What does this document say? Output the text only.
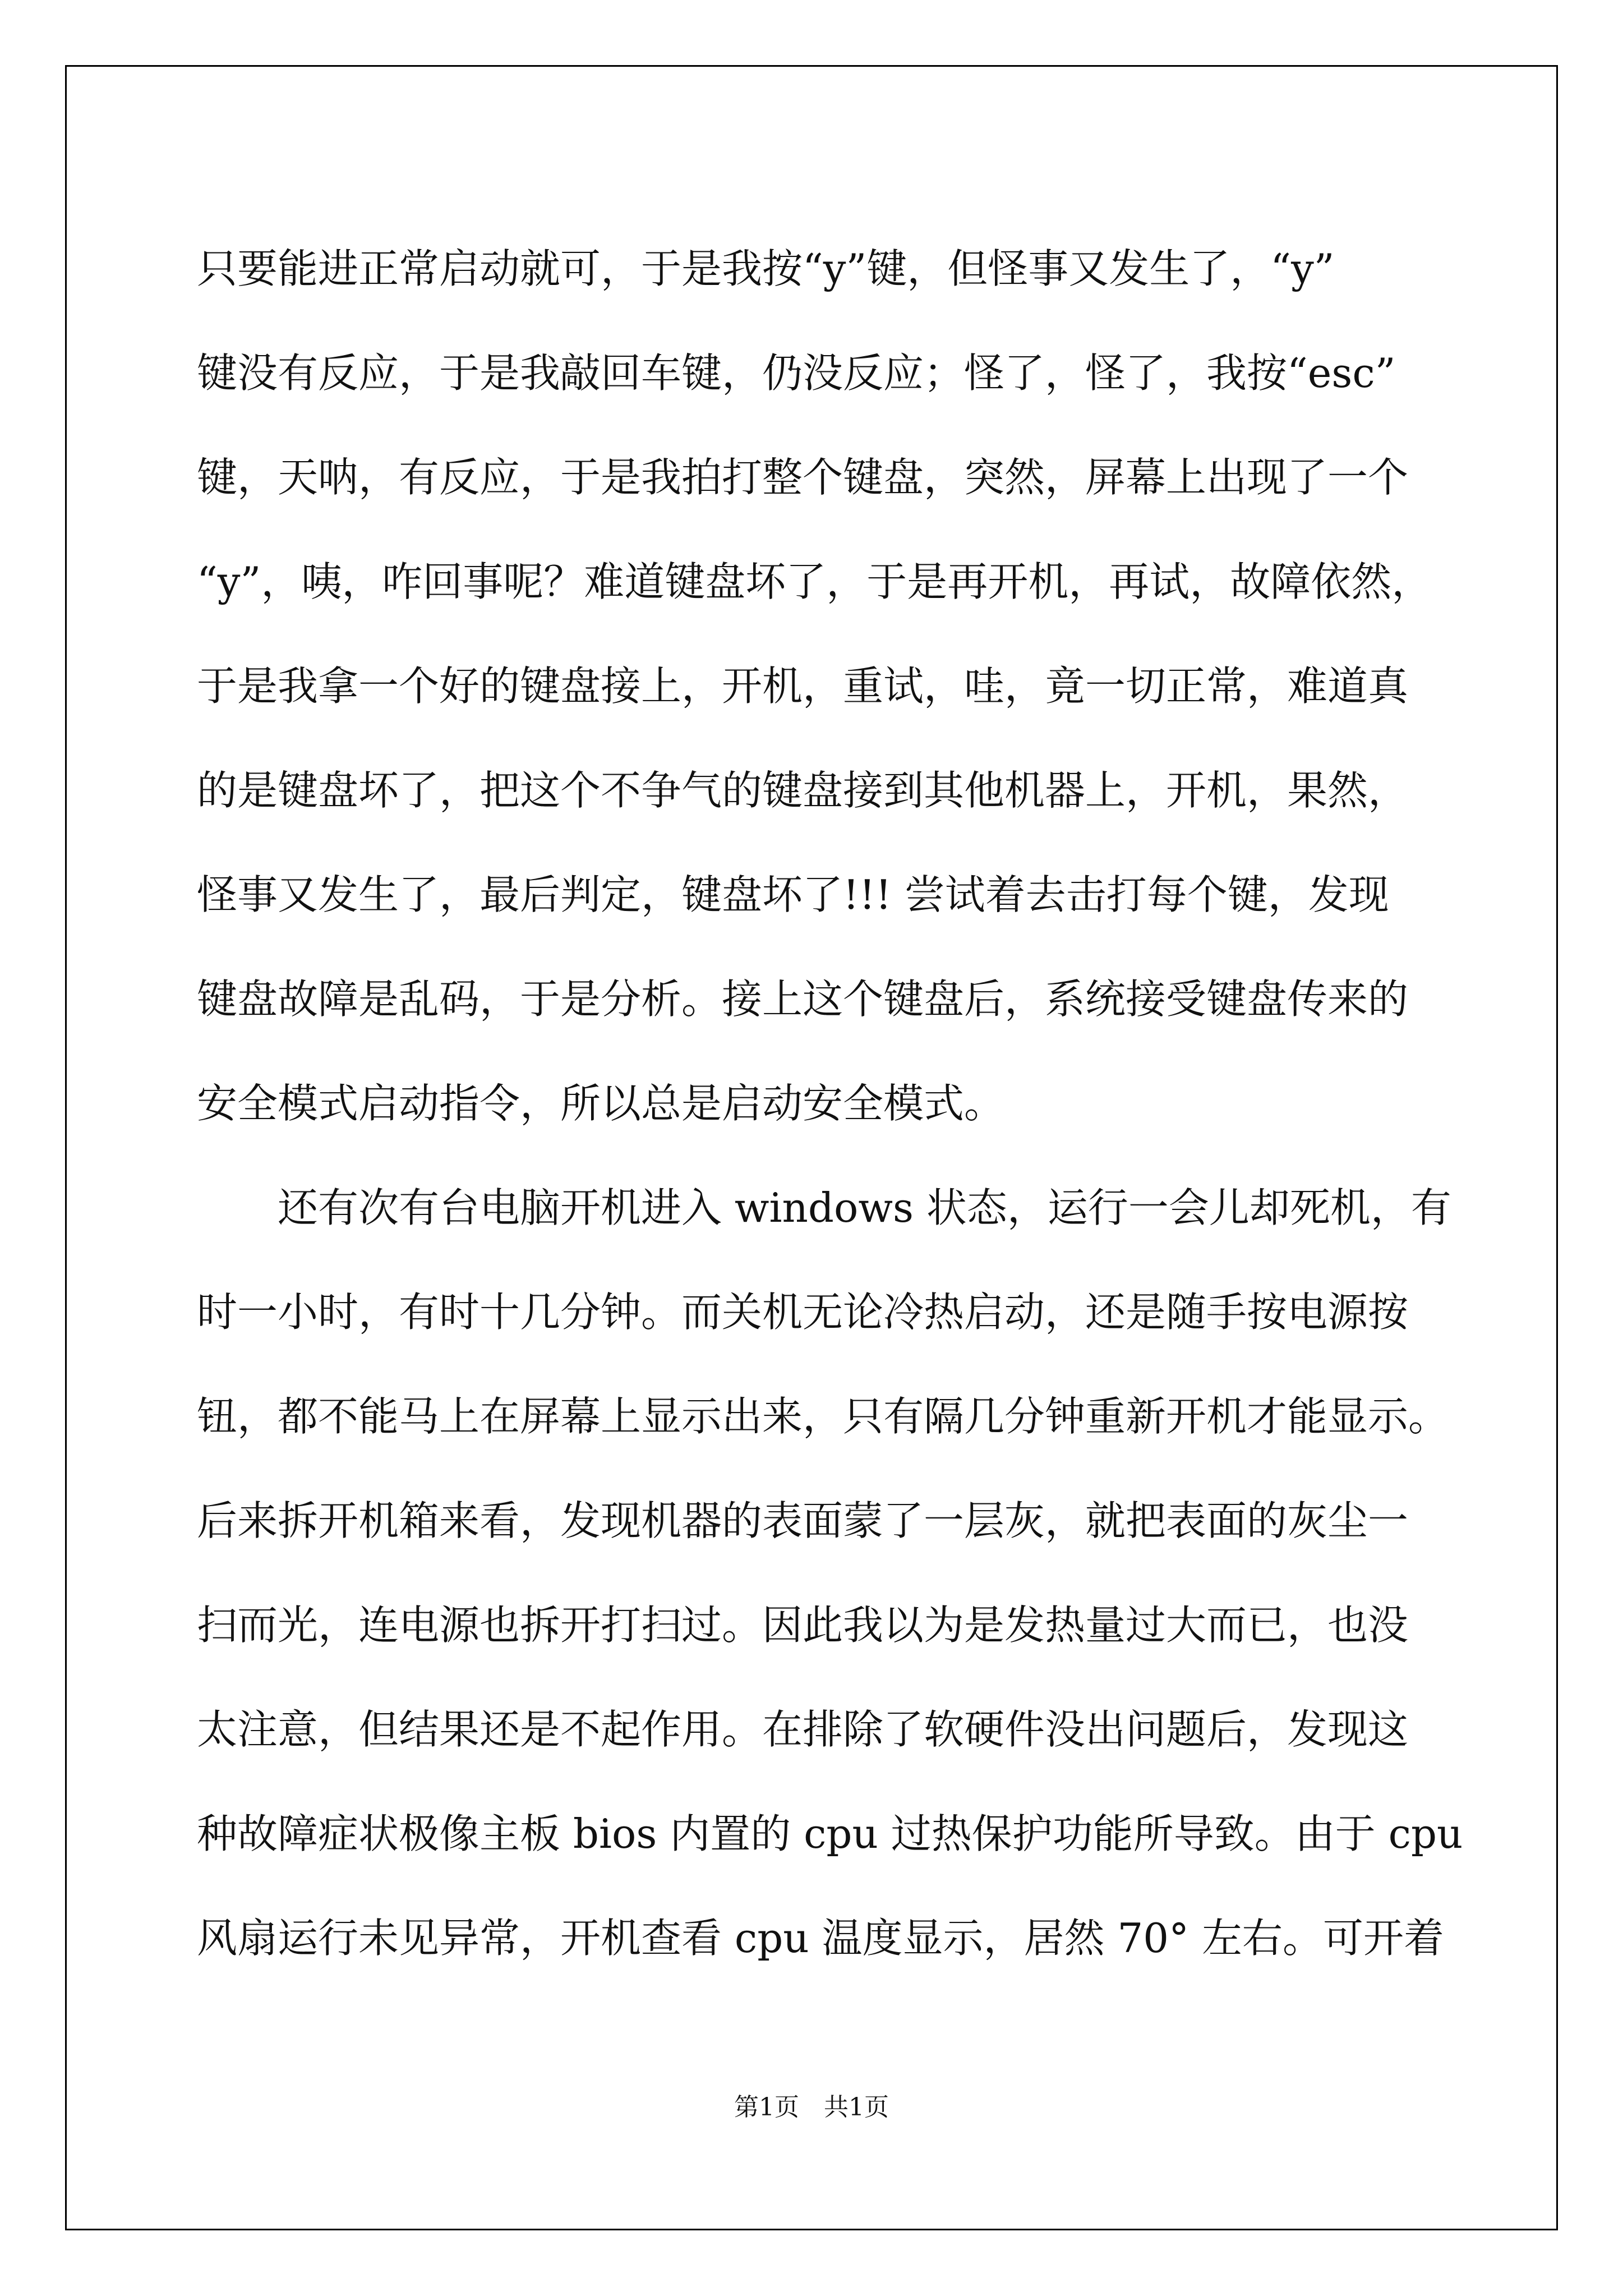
只要能进正常启动就可，于是我按“y”键，但怪事又发生了，“y”

键没有反应，于是我敲回车键，仍没反应；怪了，怪了，我按“esc”

键，天呐，有反应，于是我拍打整个键盘，突然，屏幕上出现了一个

“y”，咦，咋回事呢？难道键盘坏了，于是再开机，再试，故障依然，

于是我拿一个好的键盘接上，开机，重试，哇，竟一切正常，难道真

的是键盘坏了，把这个不争气的键盘接到其他机器上，开机，果然，

怪事又发生了，最后判定，键盘坏了!!! 尝试着去击打每个键，发现

键盘故障是乱码，于是分析。接上这个键盘后，系统接受键盘传来的

安全模式启动指令，所以总是启动安全模式。

还有次有台电脑开机进入 windows 状态，运行一会儿却死机，有

时一小时，有时十几分钟。而关机无论冷热启动，还是随手按电源按

钮，都不能马上在屏幕上显示出来，只有隔几分钟重新开机才能显示。

后来拆开机箱来看，发现机器的表面蒙了一层灰，就把表面的灰尘一

扫而光，连电源也拆开打扫过。因此我以为是发热量过大而已，也没

太注意，但结果还是不起作用。在排除了软硬件没出问题后，发现这

种故障症状极像主板 bios 内置的 cpu 过热保护功能所导致。由于 cpu

风扇运行未见异常，开机查看 cpu 温度显示，居然 70° 左右。可开着

第1页　共1页
